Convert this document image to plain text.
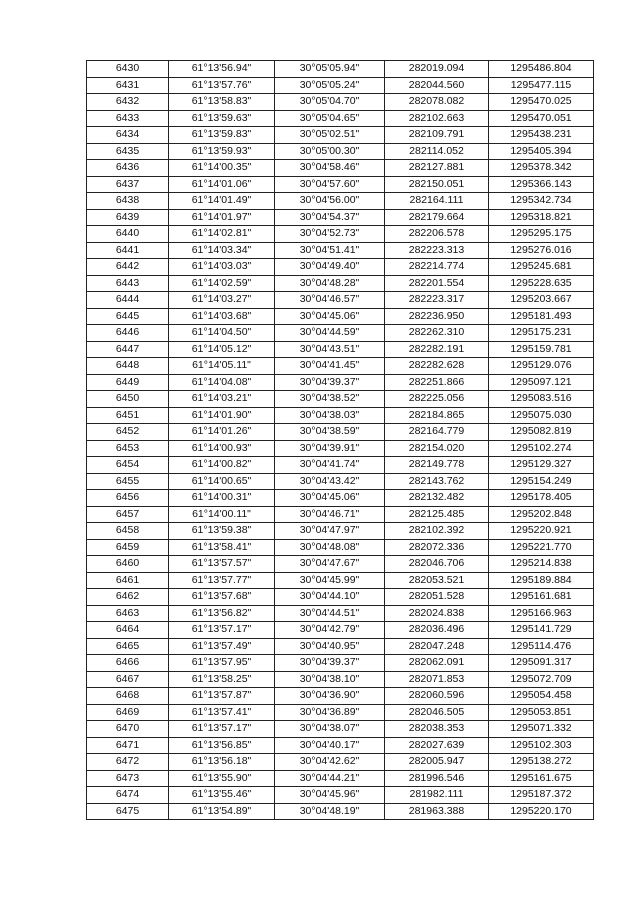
6430	61°13'56.94"	30°05'05.94"	282019.094	1295486.804
6431	61°13'57.76"	30°05'05.24"	282044.560	1295477.115
6432	61°13'58.83"	30°05'04.70"	282078.082	1295470.025
6433	61°13'59.63"	30°05'04.65"	282102.663	1295470.051
6434	61°13'59.83"	30°05'02.51"	282109.791	1295438.231
6435	61°13'59.93"	30°05'00.30"	282114.052	1295405.394
6436	61°14'00.35"	30°04'58.46"	282127.881	1295378.342
6437	61°14'01.06"	30°04'57.60"	282150.051	1295366.143
6438	61°14'01.49"	30°04'56.00"	282164.111	1295342.734
6439	61°14'01.97"	30°04'54.37"	282179.664	1295318.821
6440	61°14'02.81"	30°04'52.73"	282206.578	1295295.175
6441	61°14'03.34"	30°04'51.41"	282223.313	1295276.016
6442	61°14'03.03"	30°04'49.40"	282214.774	1295245.681
6443	61°14'02.59"	30°04'48.28"	282201.554	1295228.635
6444	61°14'03.27"	30°04'46.57"	282223.317	1295203.667
6445	61°14'03.68"	30°04'45.06"	282236.950	1295181.493
6446	61°14'04.50"	30°04'44.59"	282262.310	1295175.231
6447	61°14'05.12"	30°04'43.51"	282282.191	1295159.781
6448	61°14'05.11"	30°04'41.45"	282282.628	1295129.076
6449	61°14'04.08"	30°04'39.37"	282251.866	1295097.121
6450	61°14'03.21"	30°04'38.52"	282225.056	1295083.516
6451	61°14'01.90"	30°04'38.03"	282184.865	1295075.030
6452	61°14'01.26"	30°04'38.59"	282164.779	1295082.819
6453	61°14'00.93"	30°04'39.91"	282154.020	1295102.274
6454	61°14'00.82"	30°04'41.74"	282149.778	1295129.327
6455	61°14'00.65"	30°04'43.42"	282143.762	1295154.249
6456	61°14'00.31"	30°04'45.06"	282132.482	1295178.405
6457	61°14'00.11"	30°04'46.71"	282125.485	1295202.848
6458	61°13'59.38"	30°04'47.97"	282102.392	1295220.921
6459	61°13'58.41"	30°04'48.08"	282072.336	1295221.770
6460	61°13'57.57"	30°04'47.67"	282046.706	1295214.838
6461	61°13'57.77"	30°04'45.99"	282053.521	1295189.884
6462	61°13'57.68"	30°04'44.10"	282051.528	1295161.681
6463	61°13'56.82"	30°04'44.51"	282024.838	1295166.963
6464	61°13'57.17"	30°04'42.79"	282036.496	1295141.729
6465	61°13'57.49"	30°04'40.95"	282047.248	1295114.476
6466	61°13'57.95"	30°04'39.37"	282062.091	1295091.317
6467	61°13'58.25"	30°04'38.10"	282071.853	1295072.709
6468	61°13'57.87"	30°04'36.90"	282060.596	1295054.458
6469	61°13'57.41"	30°04'36.89"	282046.505	1295053.851
6470	61°13'57.17"	30°04'38.07"	282038.353	1295071.332
6471	61°13'56.85"	30°04'40.17"	282027.639	1295102.303
6472	61°13'56.18"	30°04'42.62"	282005.947	1295138.272
6473	61°13'55.90"	30°04'44.21"	281996.546	1295161.675
6474	61°13'55.46"	30°04'45.96"	281982.111	1295187.372
6475	61°13'54.89"	30°04'48.19"	281963.388	1295220.170
